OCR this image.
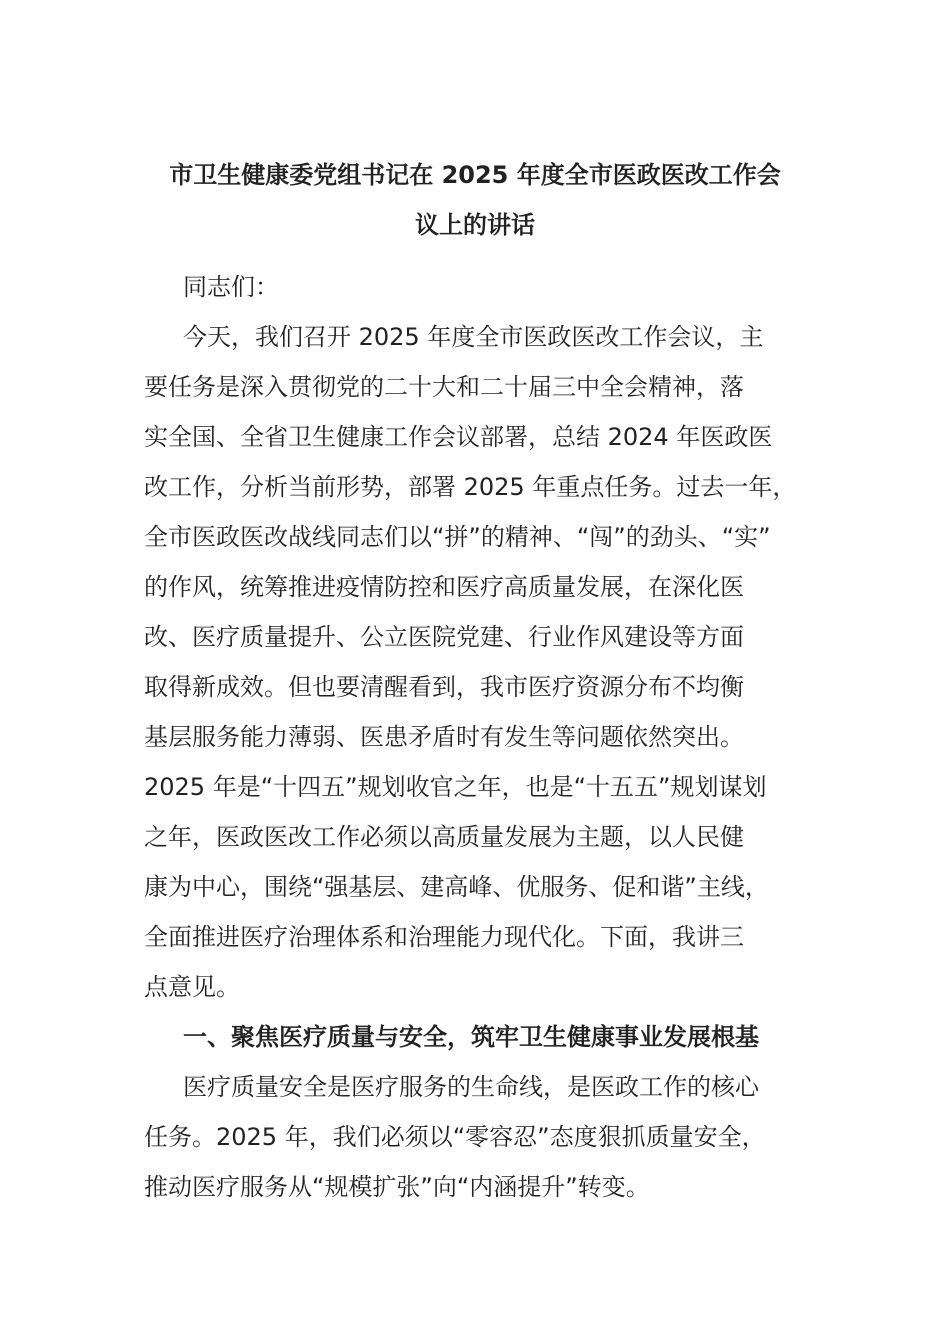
市卫生健康委党组书记在 2025 年度全市医政医改工作会
议上的讲话

同志们：

今天，我们召开 2025 年度全市医政医改工作会议，主

要任务是深入贯彻党的二十大和二十届三中全会精神，落

实全国、全省卫生健康工作会议部署，总结 2024 年医政医

改工作，分析当前形势，部署 2025 年重点任务。过去一年，

全市医政医改战线同志们以“拼”的精神、“闯”的劲头、“实”

的作风，统筹推进疫情防控和医疗高质量发展，在深化医

改、医疗质量提升、公立医院党建、行业作风建设等方面

取得新成效。但也要清醒看到，我市医疗资源分布不均衡

基层服务能力薄弱、医患矛盾时有发生等问题依然突出。

2025 年是“十四五”规划收官之年，也是“十五五”规划谋划

之年，医政医改工作必须以高质量发展为主题，以人民健

康为中心，围绕“强基层、建高峰、优服务、促和谐”主线，

全面推进医疗治理体系和治理能力现代化。下面，我讲三

点意见。

一、聚焦医疗质量与安全，筑牢卫生健康事业发展根基

医疗质量安全是医疗服务的生命线，是医政工作的核心

任务。2025 年，我们必须以“零容忍”态度狠抓质量安全，

推动医疗服务从“规模扩张”向“内涵提升”转变。
